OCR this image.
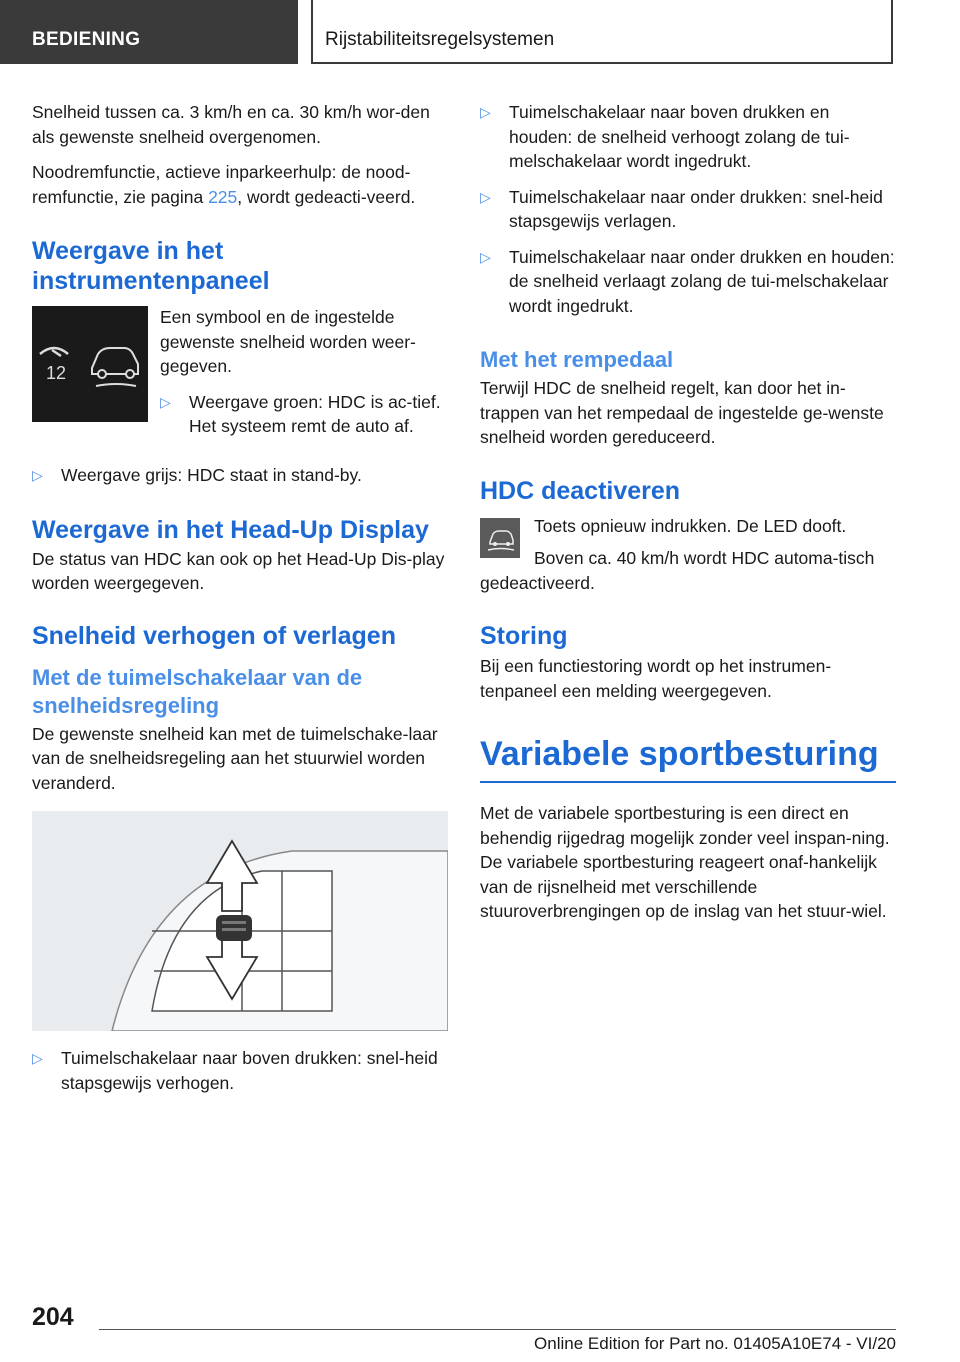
BEDIENING	Rijstabiliteitsregelsystemen

Snelheid tussen ca. 3 km/h en ca. 30 km/h wor-den als gewenste snelheid overgenomen.

Noodremfunctie, actieve inparkeerhulp: de nood-remfunctie, zie pagina 225, wordt gedeacti-veerd.

Weergave in het instrumentenpaneel
12

Een symbool en de ingestelde gewenste snelheid worden weer-gegeven.

▷ Weergave groen: HDC is ac-tief. Het systeem remt de auto af.
▷ Weergave grijs: HDC staat in stand-by.
Weergave in het Head-Up Display

De status van HDC kan ook op het Head-Up Dis-play worden weergegeven.

Snelheid verhogen of verlagen
Met de tuimelschakelaar van de snelheidsregeling

De gewenste snelheid kan met de tuimelschake-laar van de snelheidsregeling aan het stuurwiel worden veranderd.

▷ Tuimelschakelaar naar boven drukken: snel-heid stapsgewijs verhogen.
▷ Tuimelschakelaar naar boven drukken en houden: de snelheid verhoogt zolang de tui-melschakelaar wordt ingedrukt.
▷ Tuimelschakelaar naar onder drukken: snel-heid stapsgewijs verlagen.
▷ Tuimelschakelaar naar onder drukken en houden: de snelheid verlaagt zolang de tui-melschakelaar wordt ingedrukt.
Met het rempedaal

Terwijl HDC de snelheid regelt, kan door het in-trappen van het rempedaal de ingestelde ge-wenste snelheid worden gereduceerd.

HDC deactiveren

Toets opnieuw indrukken. De LED dooft.

Boven ca. 40 km/h wordt HDC automa-tisch gedeactiveerd.

Storing

Bij een functiestoring wordt op het instrumen-tenpaneel een melding weergegeven.

Variabele sportbesturing

Met de variabele sportbesturing is een direct en behendig rijgedrag mogelijk zonder veel inspan-ning. De variabele sportbesturing reageert onaf-hankelijk van de rijsnelheid met verschillende stuuroverbrengingen op de inslag van het stuur-wiel.

204
Online Edition for Part no. 01405A10E74 - VI/20
